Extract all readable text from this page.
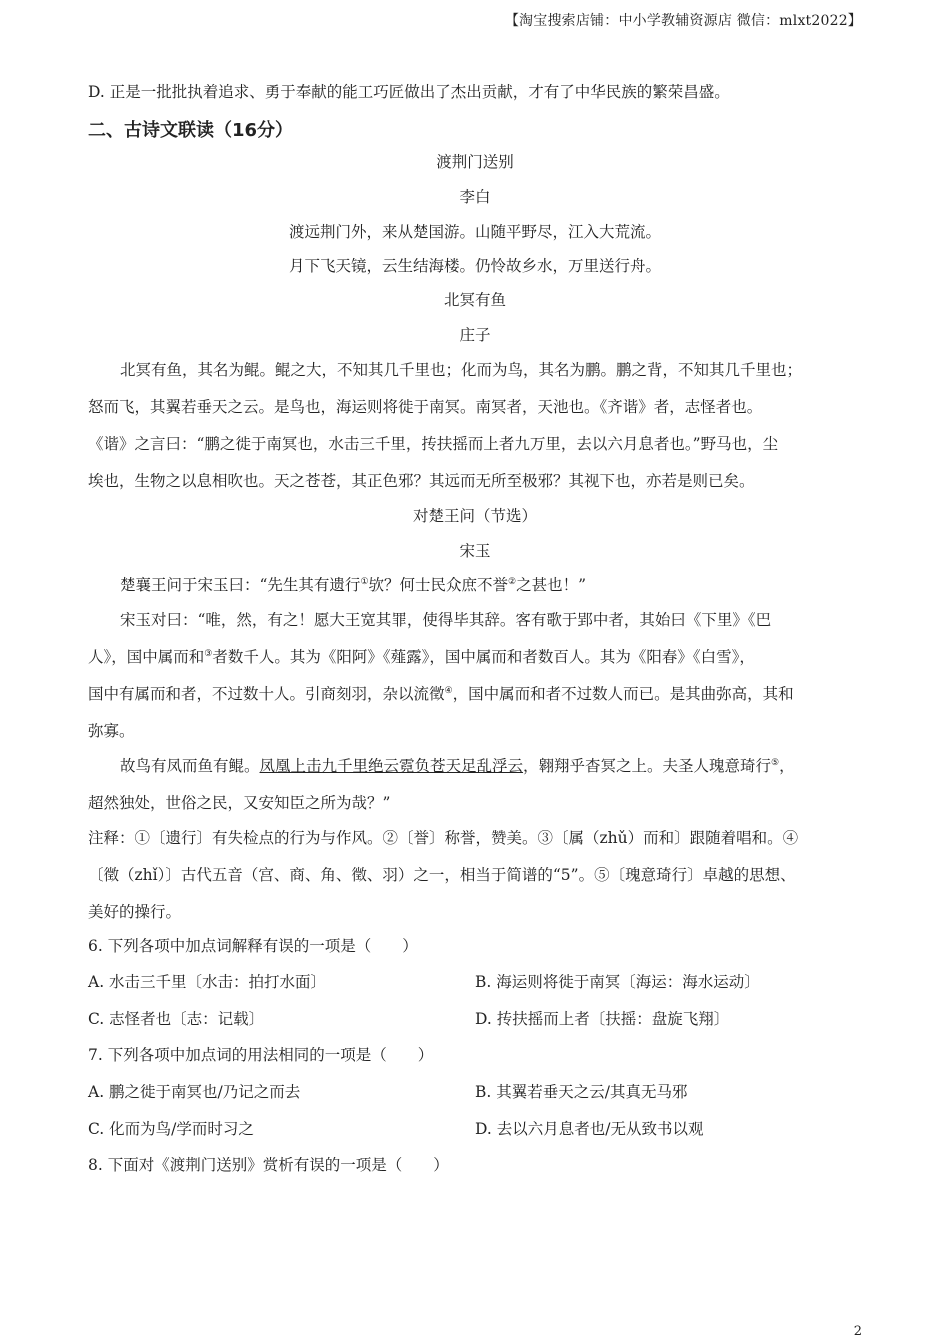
【淘宝搜索店铺：中小学教辅资源店 微信：mlxt2022】
D. 正是一批批执着追求、勇于奉献的能工巧匠做出了杰出贡献，才有了中华民族的繁荣昌盛。
二、古诗文联读（16分）
渡荆门送别
李白
渡远荆门外，来从楚国游。山随平野尽，江入大荒流。
月下飞天镜，云生结海楼。仍怜故乡水，万里送行舟。
北冥有鱼
庄子
北冥有鱼，其名为鲲。鲲之大，不知其几千里也；化而为鸟，其名为鹏。鹏之背，不知其几千里也；
怒而飞，其翼若垂天之云。是鸟也，海运则将徙于南冥。南冥者，天池也。《齐谐》者，志怪者也。
《谐》之言曰：“鹏之徙于南冥也，水击三千里，抟扶摇而上者九万里，去以六月息者也。”野马也，尘
埃也，生物之以息相吹也。天之苍苍，其正色邪？其远而无所至极邪？其视下也，亦若是则已矣。
对楚王问（节选）
宋玉
楚襄王问于宋玉曰：“先生其有遗行①欤？何士民众庶不誉②之甚也！”
宋玉对曰：“唯，然，有之！愿大王宽其罪，使得毕其辞。客有歌于郢中者，其始曰《下里》《巴
人》，国中属而和③者数千人。其为《阳阿》《薤露》，国中属而和者数百人。其为《阳春》《白雪》，
国中有属而和者，不过数十人。引商刻羽，杂以流徵④，国中属而和者不过数人而已。是其曲弥高，其和
弥寡。
故鸟有凤而鱼有鲲。凤凰上击九千里绝云霓负苍天足乱浮云，翱翔乎杳冥之上。夫圣人瑰意琦行⑤，
超然独处，世俗之民，又安知臣之所为哉？”
注释：①〔遗行〕有失检点的行为与作风。②〔誉〕称誉，赞美。③〔属（zhǔ）而和〕跟随着唱和。④
〔徵（zhǐ）〕古代五音（宫、商、角、徵、羽）之一，相当于简谱的“5”。⑤〔瑰意琦行〕卓越的思想、
美好的操行。
6. 下列各项中加点词解释有误的一项是（　　）
A. 水击三千里〔水击：拍打水面〕	B. 海运则将徙于南冥〔海运：海水运动〕
C. 志怪者也〔志：记载〕	D. 抟扶摇而上者〔扶摇：盘旋飞翔〕
7. 下列各项中加点词的用法相同的一项是（　　）
A. 鹏之徙于南冥也/乃记之而去	B. 其翼若垂天之云/其真无马邪
C. 化而为鸟/学而时习之	D. 去以六月息者也/无从致书以观
8. 下面对《渡荆门送别》赏析有误的一项是（　　）
2
